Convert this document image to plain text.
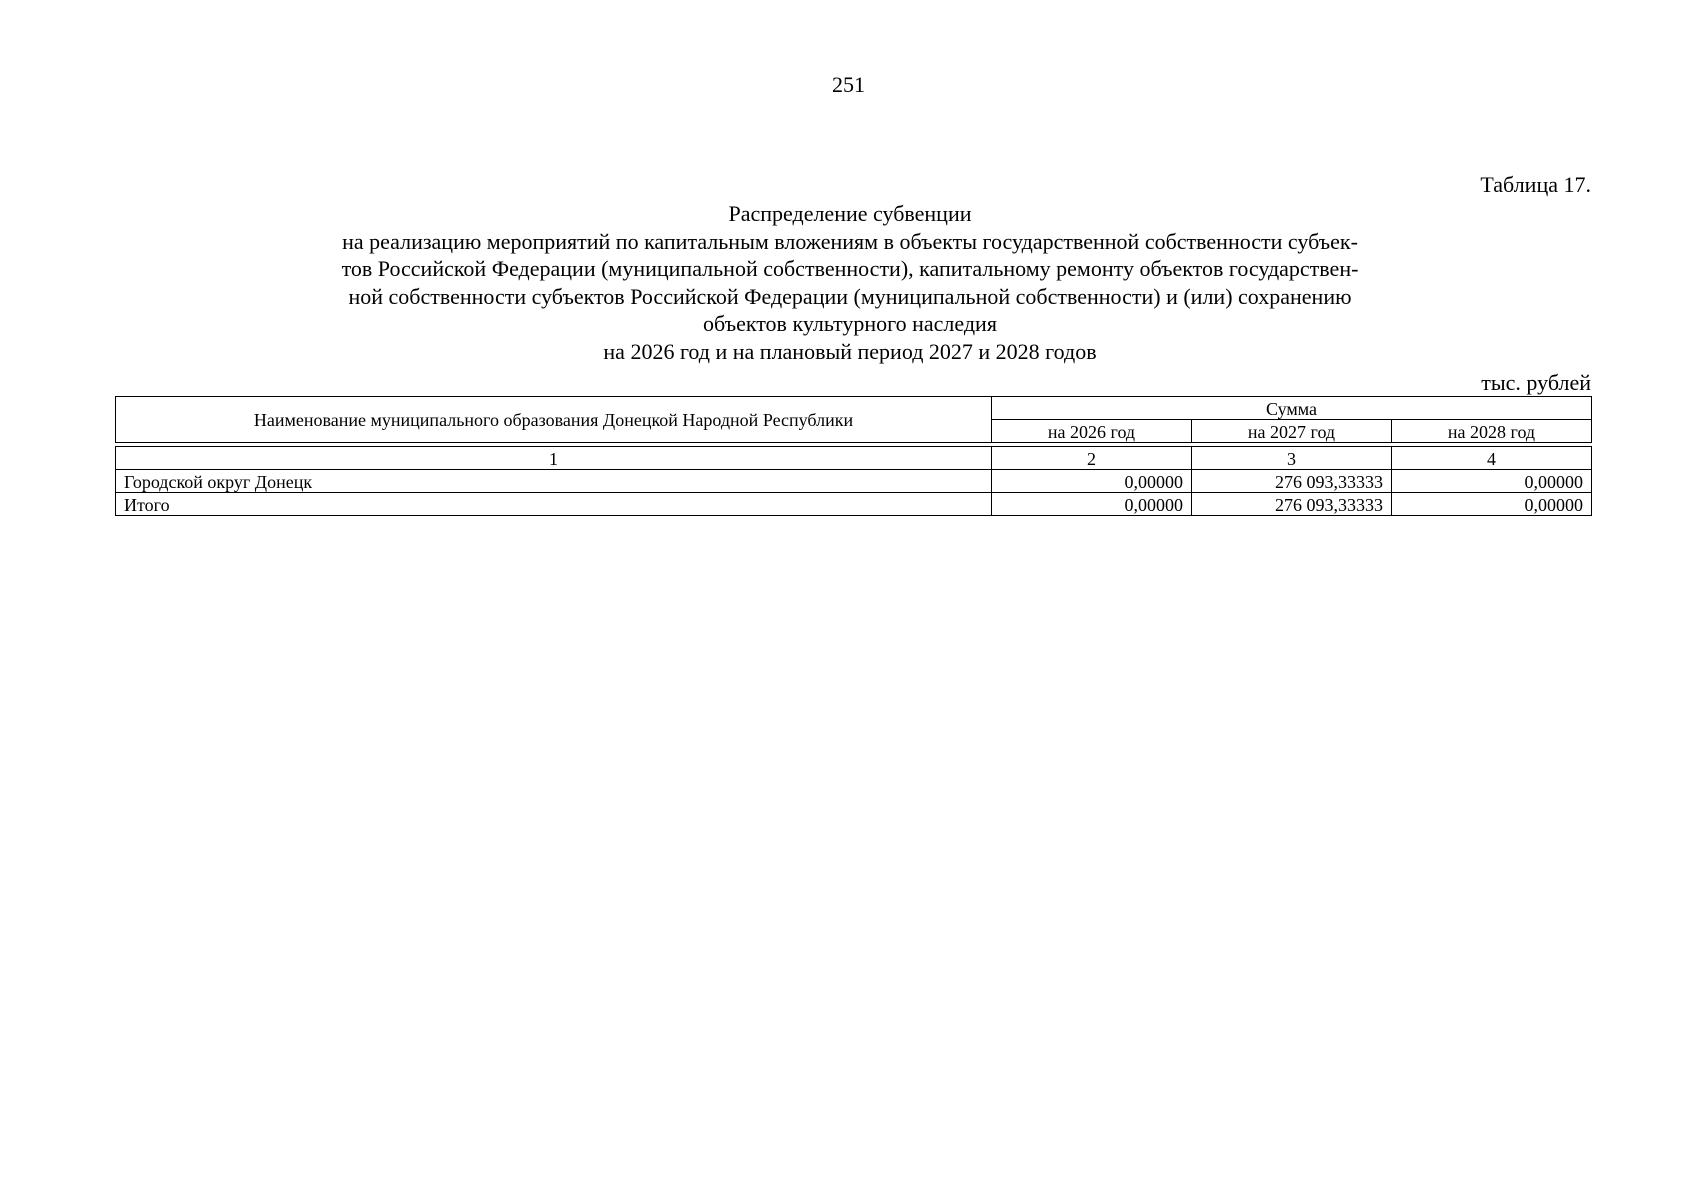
251
Таблица 17.
Распределение субвенции
на реализацию мероприятий по капитальным вложениям в объекты государственной собственности субъек-
тов Российской Федерации (муниципальной собственности), капитальному ремонту объектов государствен-
ной собственности субъектов Российской Федерации (муниципальной собственности) и (или) сохранению
объектов культурного наследия
на 2026 год и на плановый период 2027 и 2028 годов
тыс. рублей
Наименование муниципального образования Донецкой Народной Республики	Сумма		
	на 2026 год	на 2027 год	на 2028 год

1	2	3	4
Городской округ Донецк	0,00000	276 093,33333	0,00000
Итого	0,00000	276 093,33333	0,00000
